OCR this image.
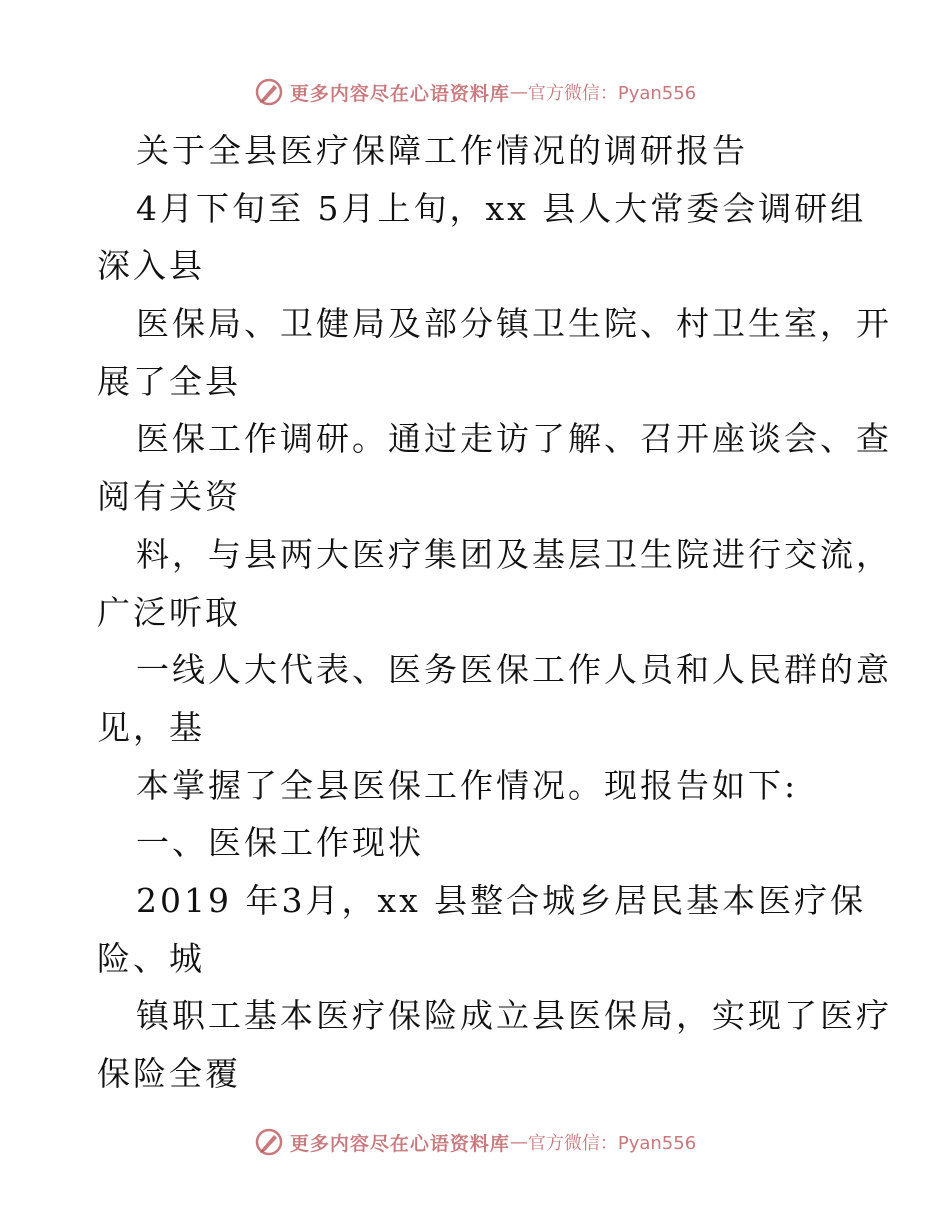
更多内容尽在心语资料库 — 官方微信：Pyan556
关于全县医疗保障工作情况的调研报告
4月下旬至 5月上旬，xx 县人大常委会调研组
深入县
医保局、卫健局及部分镇卫生院、村卫生室，开
展了全县
医保工作调研。通过走访了解、召开座谈会、查
阅有关资
料，与县两大医疗集团及基层卫生院进行交流，
广泛听取
一线人大代表、医务医保工作人员和人民群的意
见，基
本掌握了全县医保工作情况。现报告如下:
一、医保工作现状
2019 年3月，xx 县整合城乡居民基本医疗保
险、城
镇职工基本医疗保险成立县医保局，实现了医疗
保险全覆
更多内容尽在心语资料库 — 官方微信：Pyan556
